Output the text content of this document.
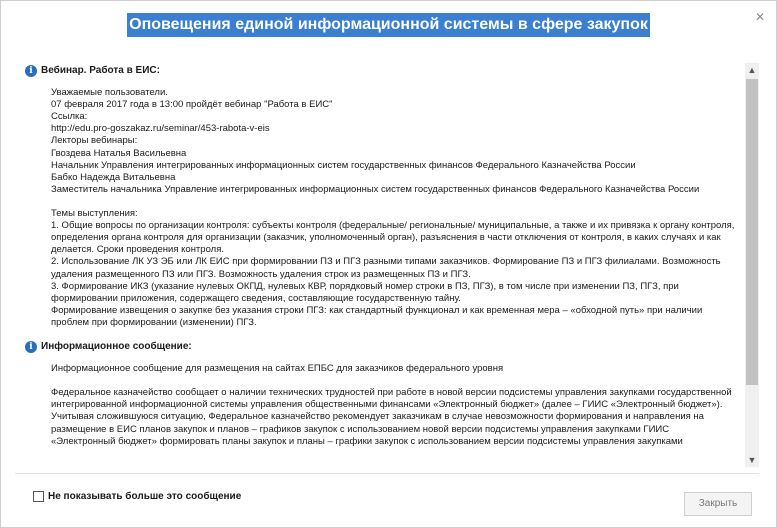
Оповещения единой информационной системы в сфере закупок	✕
i Вебинар. Работа в ЕИС:
Уважаемые пользователи.
07 февраля 2017 года в 13:00 пройдёт вебинар "Работа в ЕИС"
Ссылка:
http://edu.pro-goszakaz.ru/seminar/453-rabota-v-eis
Лекторы вебинары:
Гвоздева Наталья Васильевна
Начальник Управления интегрированных информационных систем государственных финансов Федерального Казначейства России
Бабко Надежда Витальевна
Заместитель начальника Управление интегрированных информационных систем государственных финансов Федерального Казначейства России

Темы выступления:
1. Общие вопросы по организации контроля: субъекты контроля (федеральные/ региональные/ муниципальные, а также и их привязка к органу контроля, определения органа контроля для организации (заказчик, уполномоченный орган), разъяснения в части отключения от контроля, в каких случаях и как делается. Сроки проведения контроля.
2. Использование ЛК УЗ ЭБ или ЛК ЕИС при формировании ПЗ и ПГЗ разными типами заказчиков. Формирование ПЗ и ПГЗ филиалами. Возможность удаления размещенного ПЗ или ПГЗ. Возможность удаления строк из размещенных ПЗ и ПГЗ.
3. Формирование ИКЗ (указание нулевых ОКПД, нулевых КВР, порядковый номер строки в ПЗ, ПГЗ), в том числе при изменении ПЗ, ПГЗ, при формировании приложения, содержащего сведения, составляющие государственную тайну.
Формирование извещения о закупке без указания строки ПГЗ: как стандартный функционал и как временная мера – «обходной путь» при наличии проблем при формировании (изменении) ПГЗ.
i Информационное сообщение:
Информационное сообщение для размещения на сайтах ЕПБС для заказчиков федерального уровня

Федеральное казначейство сообщает о наличии технических трудностей при работе в новой версии подсистемы управления закупками государственной интегрированной информационной системы управления общественными финансами «Электронный бюджет» (далее – ГИИС «Электронный бюджет»).
Учитывая сложившуюся ситуацию, Федеральное казначейство рекомендует заказчикам в случае невозможности формирования и направления на размещение в ЕИС планов закупок и планов – графиков закупок с использованием новой версии подсистемы управления закупками ГИИС «Электронный бюджет» формировать планы закупок и планы – графики закупок с использованием версии подсистемы управления закупками
▲
▼
Не показывать больше это сообщение
Закрыть
